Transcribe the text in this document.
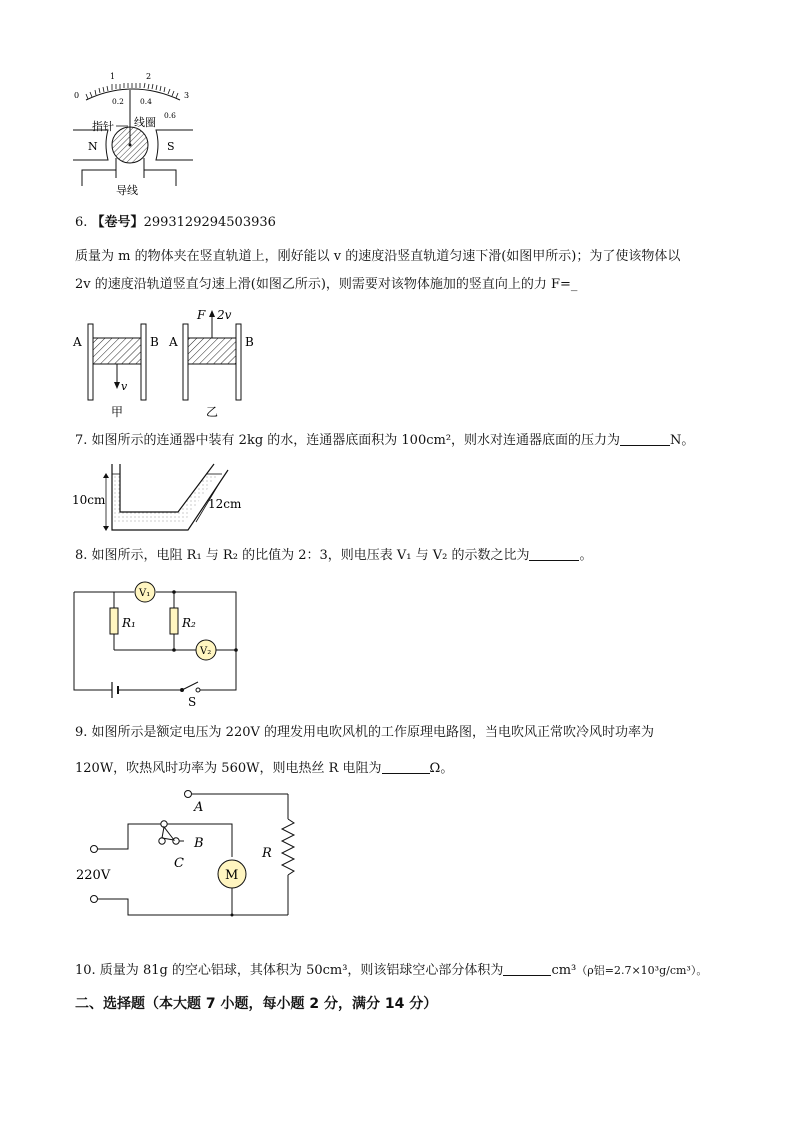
0
1	2
3
0.2 0.4
0.6
指针 线圈
N	S
导线
6. 【卷号】2993129294503936
质量为 m 的物体夹在竖直轨道上，刚好能以 v 的速度沿竖直轨道匀速下滑(如图甲所示)；为了使该物体以
2v 的速度沿轨道竖直匀速上滑(如图乙所示)，则需要对该物体施加的竖直向上的力 F=_
A	B
v
甲
F 2v
A	B
乙
7. 如图所示的连通器中装有 2kg 的水，连通器底面积为 100cm²，则水对连通器底面的压力为	N。
10cm	12cm
8. 如图所示，电阻 R₁ 与 R₂ 的比值为 2：3，则电压表 V₁ 与 V₂ 的示数之比为	。
S
V₁
R₁	R₂
V₂
9. 如图所示是额定电压为 220V 的理发用电吹风机的工作原理电路图，当电吹风正常吹冷风时功率为
120W，吹热风时功率为 560W，则电热丝 R 电阻为	Ω。
A
R
B
C
M
220V
10. 质量为 81g 的空心铝球，其体积为 50cm³，则该铝球空心部分体积为	cm³（ρ铝=2.7×10³g/cm³）。
二、选择题（本大题 7 小题，每小题 2 分，满分 14 分）
